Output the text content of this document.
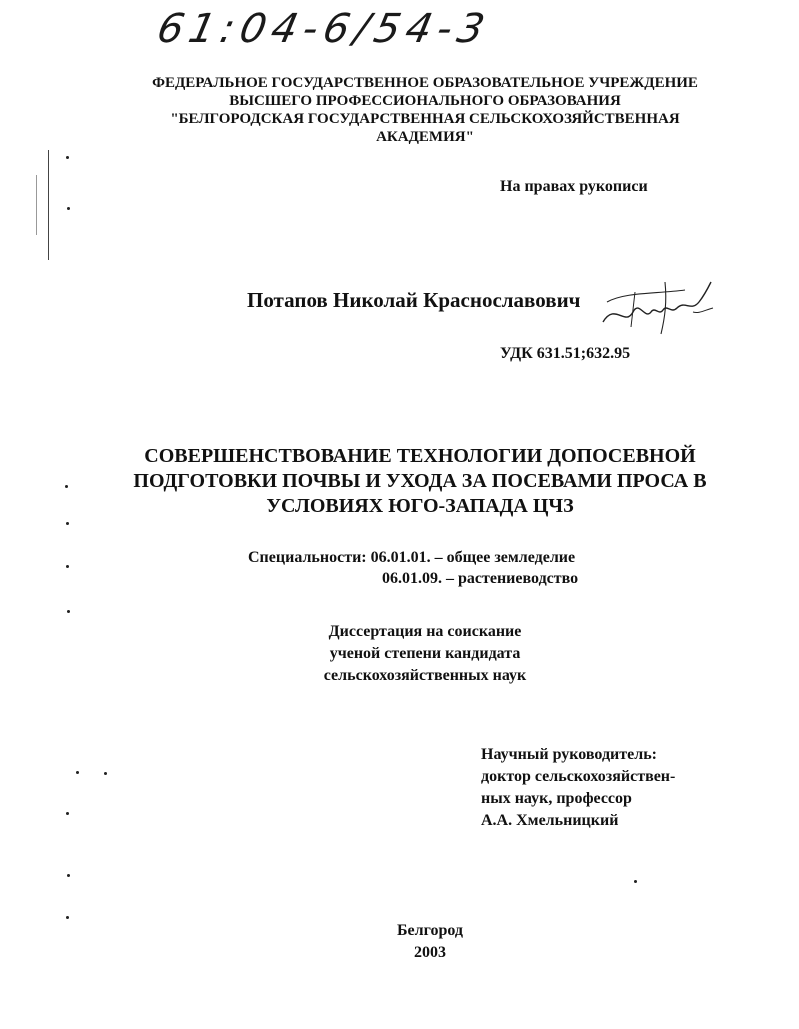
61:04-6/54-3
ФЕДЕРАЛЬНОЕ ГОСУДАРСТВЕННОЕ ОБРАЗОВАТЕЛЬНОЕ УЧРЕЖДЕНИЕ
ВЫСШЕГО ПРОФЕССИОНАЛЬНОГО ОБРАЗОВАНИЯ
"БЕЛГОРОДСКАЯ ГОСУДАРСТВЕННАЯ СЕЛЬСКОХОЗЯЙСТВЕННАЯ
АКАДЕМИЯ"
На правах рукописи
Потапов Николай Краснославович
УДК 631.51;632.95
СОВЕРШЕНСТВОВАНИЕ ТЕХНОЛОГИИ ДОПОСЕВНОЙ
ПОДГОТОВКИ ПОЧВЫ И УХОДА ЗА ПОСЕВАМИ ПРОСА В
УСЛОВИЯХ ЮГО-ЗАПАДА ЦЧЗ
Специальности: 06.01.01. – общее земледелие
06.01.09. – растениеводство
Диссертация на соискание
ученой степени кандидата
сельскохозяйственных наук
Научный руководитель:
доктор сельскохозяйствен-
ных наук, профессор
А.А. Хмельницкий
Белгород
2003
